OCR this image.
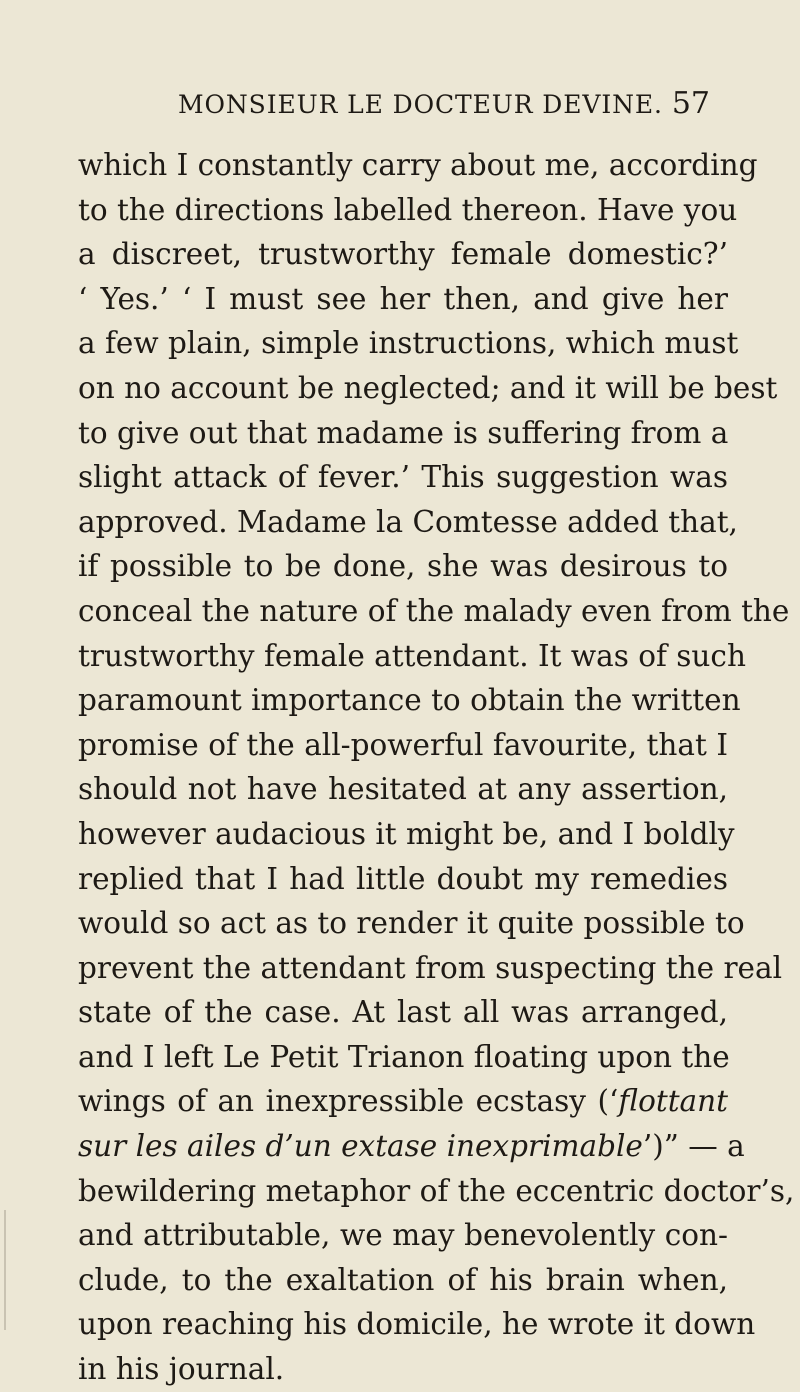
MONSIEUR LE DOCTEUR DEVINE. 57
which I constantly carry about me, according
to the directions labelled thereon. Have you
a discreet, trustworthy female domestic?’
‘ Yes.’ ‘ I must see her then, and give her
a few plain, simple instructions, which must
on no account be neglected; and it will be best
to give out that madame is suffering from a
slight attack of fever.’ This suggestion was
approved. Madame la Comtesse added that,
if possible to be done, she was desirous to
conceal the nature of the malady even from the
trustworthy female attendant. It was of such
paramount importance to obtain the written
promise of the all-powerful favourite, that I
should not have hesitated at any assertion,
however audacious it might be, and I boldly
replied that I had little doubt my remedies
would so act as to render it quite possible to
prevent the attendant from suspecting the real
state of the case. At last all was arranged,
and I left Le Petit Trianon floating upon the
wings of an inexpressible ecstasy (‘flottant
sur les ailes d’un extase inexprimable’)” — a
bewildering metaphor of the eccentric doctor’s,
and attributable, we may benevolently con-
clude, to the exaltation of his brain when,
upon reaching his domicile, he wrote it down
in his journal.
